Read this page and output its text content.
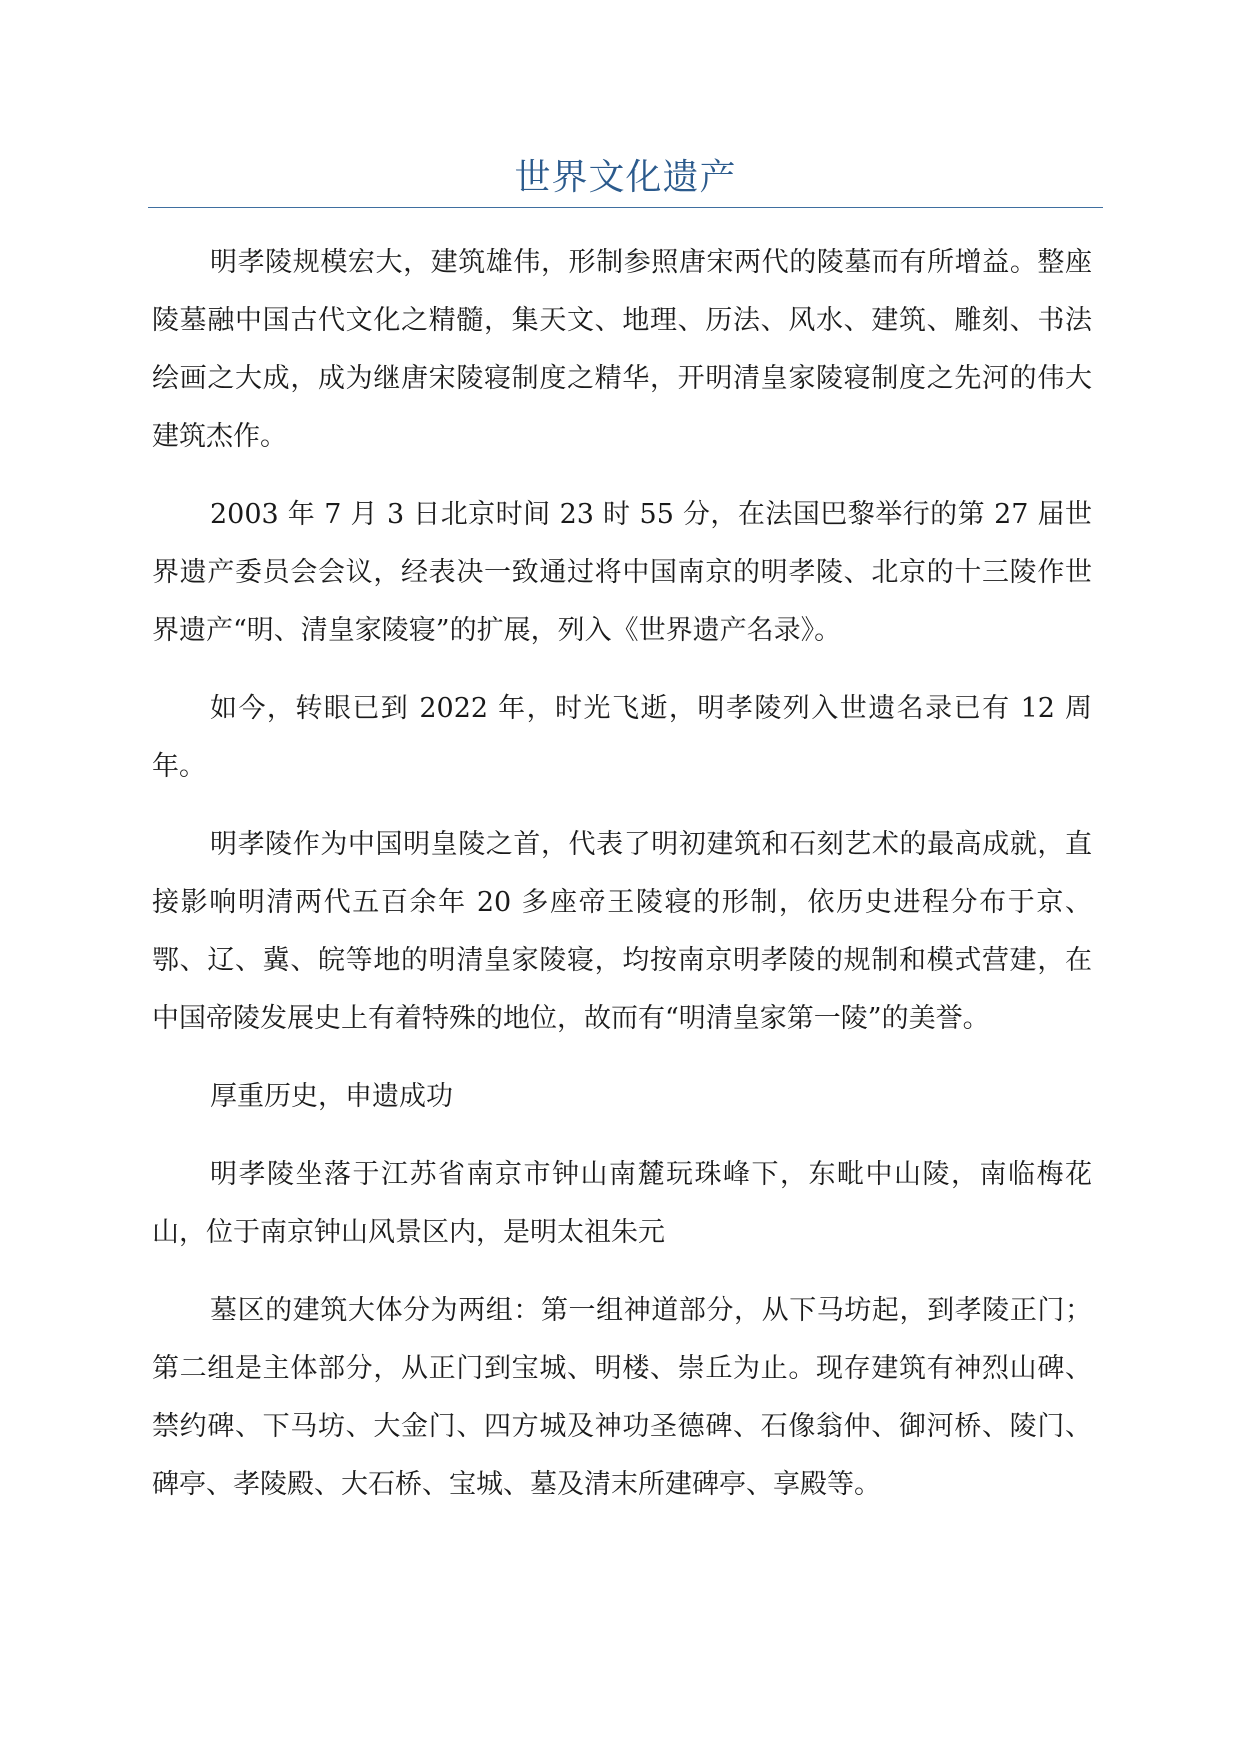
世界文化遗产

明孝陵规模宏大，建筑雄伟，形制参照唐宋两代的陵墓而有所增益。整座陵墓融中国古代文化之精髓，集天文、地理、历法、风水、建筑、雕刻、书法绘画之大成，成为继唐宋陵寝制度之精华，开明清皇家陵寝制度之先河的伟大建筑杰作。

2003 年 7 月 3 日北京时间 23 时 55 分，在法国巴黎举行的第 27 届世界遗产委员会会议，经表决一致通过将中国南京的明孝陵、北京的十三陵作世界遗产“明、清皇家陵寝”的扩展，列入《世界遗产名录》。

如今，转眼已到 2022 年，时光飞逝，明孝陵列入世遗名录已有 12 周年。

明孝陵作为中国明皇陵之首，代表了明初建筑和石刻艺术的最高成就，直接影响明清两代五百余年 20 多座帝王陵寝的形制，依历史进程分布于京、鄂、辽、冀、皖等地的明清皇家陵寝，均按南京明孝陵的规制和模式营建，在中国帝陵发展史上有着特殊的地位，故而有“明清皇家第一陵”的美誉。

厚重历史，申遗成功

明孝陵坐落于江苏省南京市钟山南麓玩珠峰下，东毗中山陵，南临梅花山，位于南京钟山风景区内，是明太祖朱元

墓区的建筑大体分为两组：第一组神道部分，从下马坊起，到孝陵正门；第二组是主体部分，从正门到宝城、明楼、崇丘为止。现存建筑有神烈山碑、禁约碑、下马坊、大金门、四方城及神功圣德碑、石像翁仲、御河桥、陵门、碑亭、孝陵殿、大石桥、宝城、墓及清末所建碑亭、享殿等。
